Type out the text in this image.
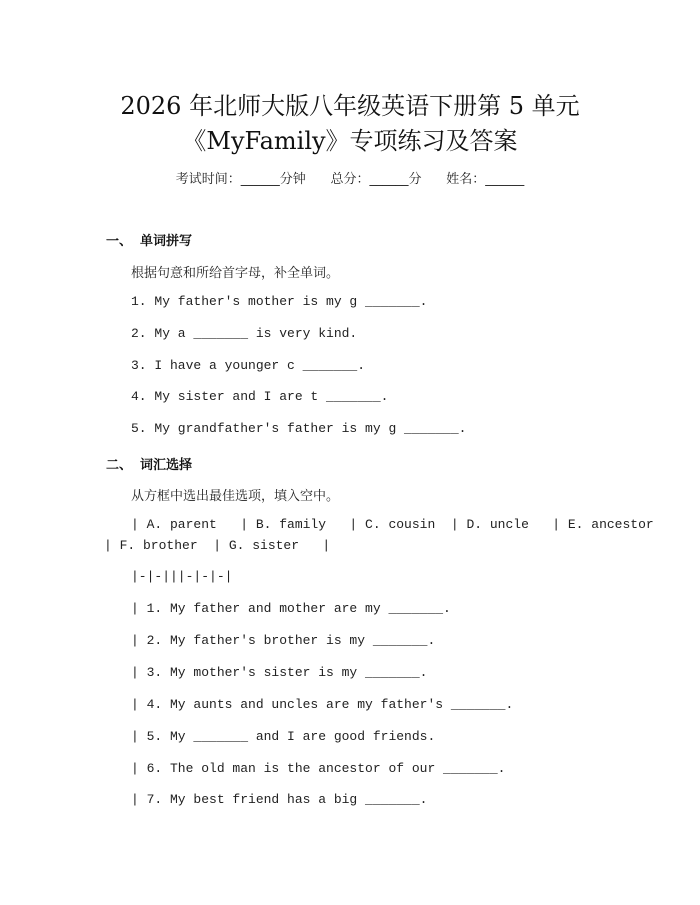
2026 年北师大版八年级英语下册第 5 单元
《MyFamily》专项练习及答案
考试时间：______分钟      总分：______分      姓名：______
一、 单词拼写
根据句意和所给首字母，补全单词。
1. My father's mother is my g _______.
2. My a _______ is very kind.
3. I have a younger c _______.
4. My sister and I are t _______.
5. My grandfather's father is my g _______.
二、 词汇选择
从方框中选出最佳选项，填入空中。
| A. parent   | B. family   | C. cousin  | D. uncle   | E. ancestor
| F. brother  | G. sister   |
|-|-|||-|-|-|
| 1. My father and mother are my _______.
| 2. My father's brother is my _______.
| 3. My mother's sister is my _______.
| 4. My aunts and uncles are my father's _______.
| 5. My _______ and I are good friends.
| 6. The old man is the ancestor of our _______.
| 7. My best friend has a big _______.
